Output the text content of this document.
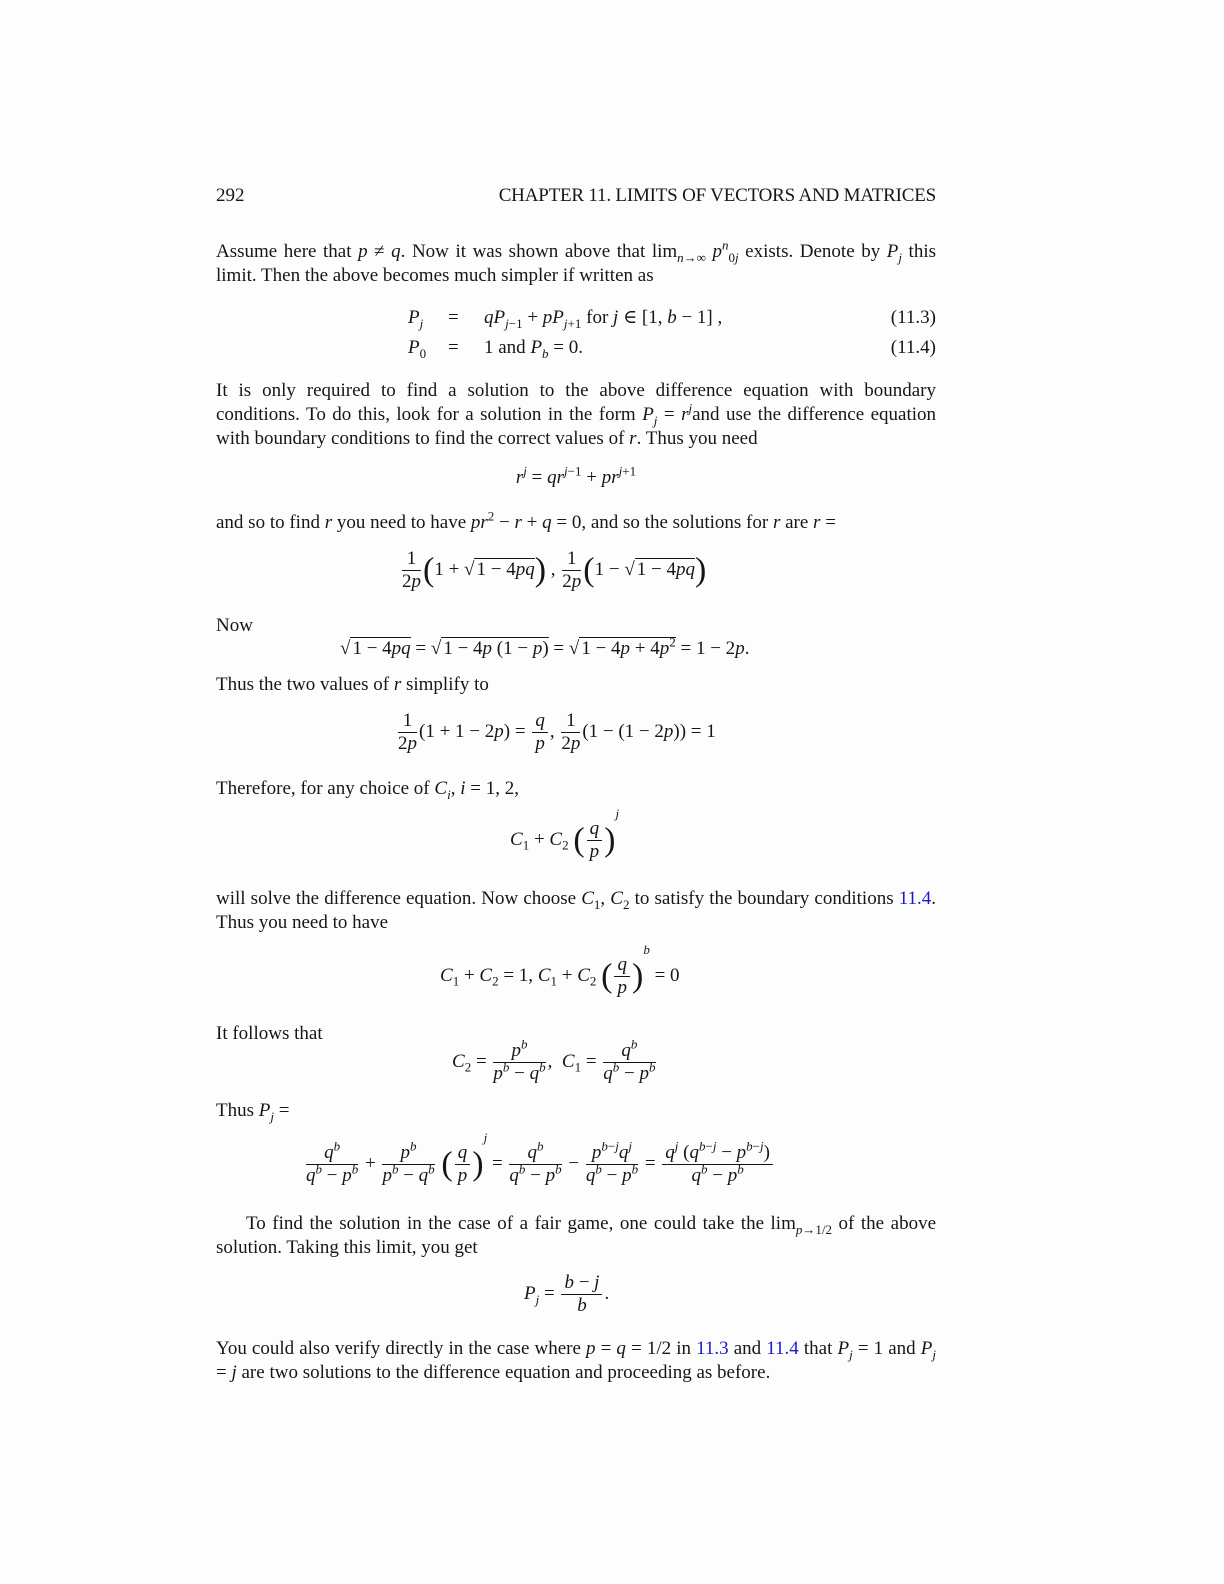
292	CHAPTER 11. LIMITS OF VECTORS AND MATRICES
Assume here that p ≠ q. Now it was shown above that $\lim_{n\to\infty} p^n_{0j}$ exists. Denote by $P_j$ this limit. Then the above becomes much simpler if written as
$P_j = qP_{j-1} + pP_{j+1}$ for j ∈ [1, b − 1] ,	(11.3)
$P_0 = 1$ and $P_b = 0$.	(11.4)
It is only required to find a solution to the above difference equation with boundary conditions. To do this, look for a solution in the form $P_j = r^jand$ use the difference equation with boundary conditions to find the correct values of r. Thus you need
$r^j = qr^{j-1} + pr^{j+1}$
and so to find r you need to have $pr^2 - r + q = 0$, and so the solutions for r are r =
$\frac{1}{2p} (1$ + √ 1 − 4pq) , $\frac{1}{2p} (1$ − √ 1 − 4pq)
Now
√ 1 − 4pq = √ 1 − 4p (1 − p) = √ $1 - 4p + 4p^2 = 1 - 2p$.
Thus the two values of r simplify to
$\frac{1}{2p} (1 + 1 - 2p) = \frac{q}{p}$ , $\frac{1}{2p} (1 - (1 - 2p)) = 1$
Therefore, for any choice of $C_i$, i = 1, 2,
$C_1 + C_2$ ( $\frac{q}{p} )^j$
will solve the difference equation. Now choose $C_1$, $C_2$ to satisfy the boundary conditions 11.4. Thus you need to have
$C_1 + C_2 = 1$, $C_1 + C_2$ ( $\frac{q}{p} )^b = 0$
It follows that
$C_2 = \frac{p^b}{p^b - q^b}$ ,  $C_1 = \frac{q^b}{q^b - p^b}$
Thus $P_j$ =
$\frac{q^b}{q^b - p^b} + \frac{p^b}{p^b - q^b}$ ( $\frac{q}{p} )^j = \frac{q^b}{q^b - p^b}$ −
$p^{b-j}q^j$
$q^b - p^b = \frac{q^j (q^{b-j} - p^{b-j})}{q^b - p^b}$
To find the solution in the case of a fair game, one could take the $\lim_{p\to 1/2}$ of the above solution. Taking this limit, you get
$P_j = \frac{b - j}{b}$ .
You could also verify directly in the case where p = q = 1/2 in 11.3 and 11.4 that $P_j = 1$ and $P_j = j$ are two solutions to the difference equation and proceeding as before.
